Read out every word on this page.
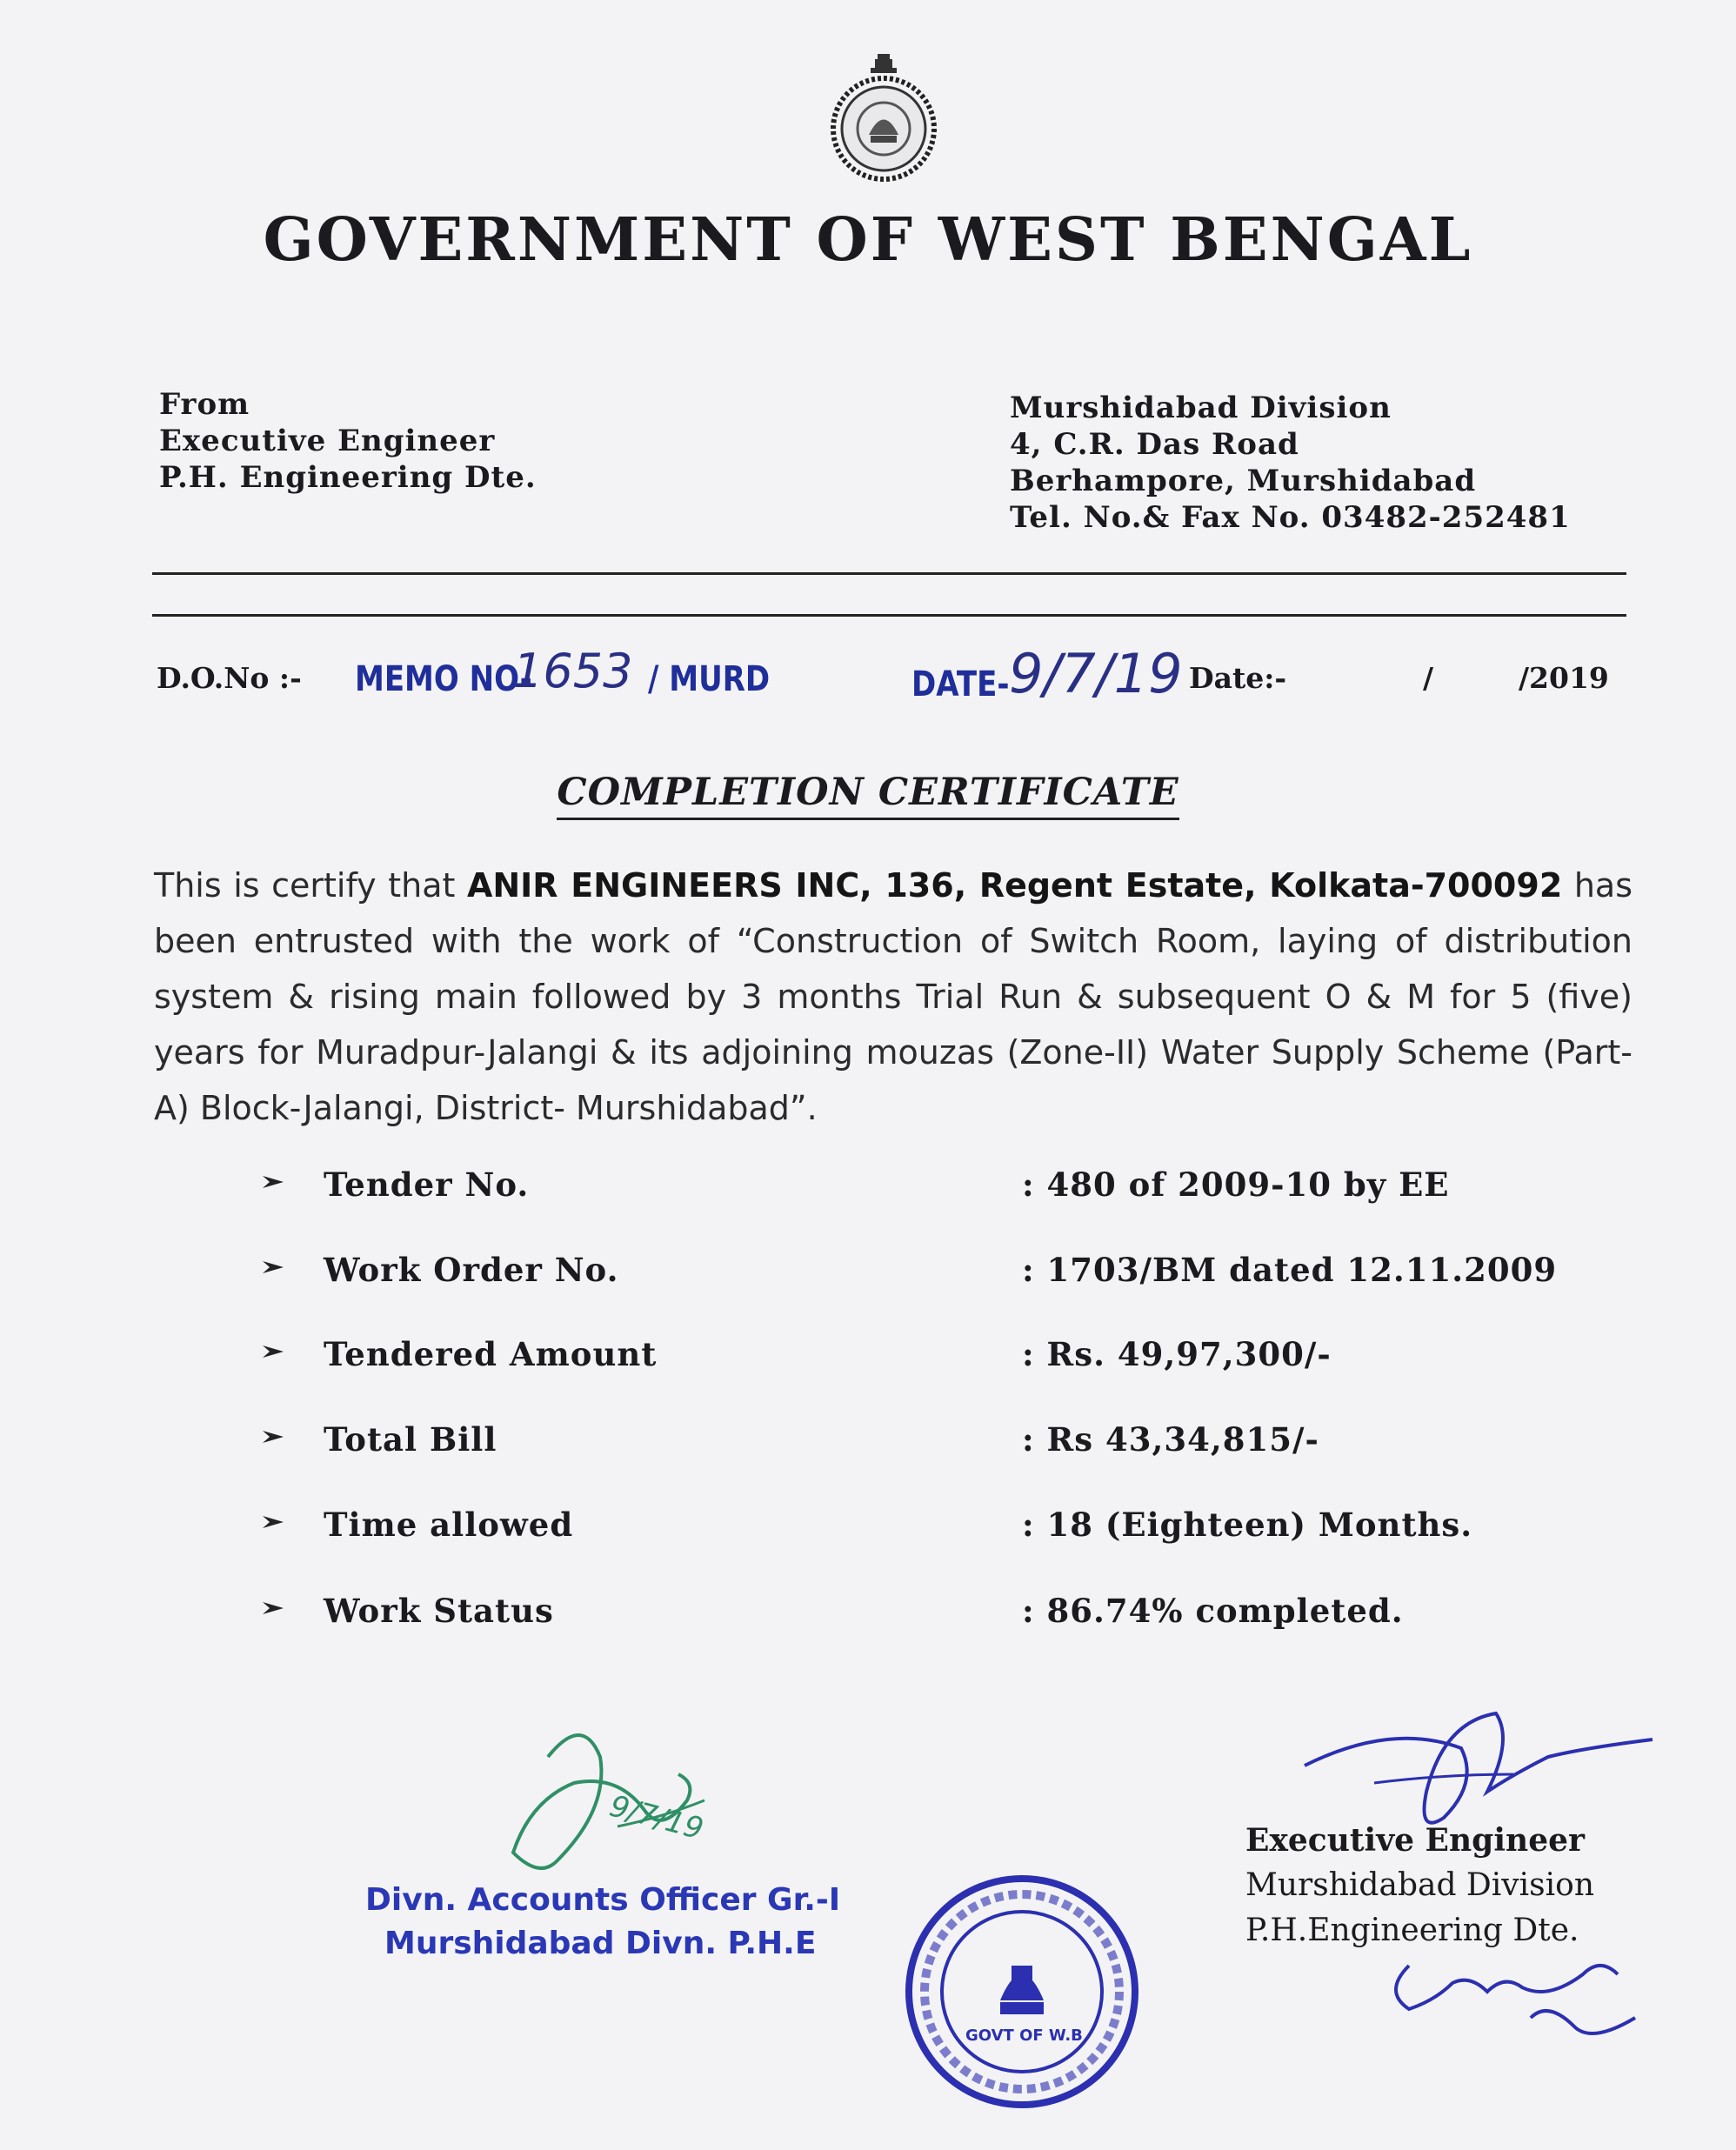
GOVERNMENT OF WEST BENGAL
From
Executive Engineer
P.H. Engineering Dte.
Murshidabad Division
4, C.R. Das Road
Berhampore, Murshidabad
Tel. No.& Fax No. 03482-252481
D.O.No :- MEMO NO-
1653 / MURD	DATE- 9/7/19 Date:-	/	/2019
COMPLETION CERTIFICATE
This is certify that ANIR ENGINEERS INC, 136, Regent Estate, Kolkata-700092 has been entrusted with the work of “Construction of Switch Room, laying of distribution system & rising main followed by 3 months Trial Run & subsequent O & M for 5 (five) years for Muradpur-Jalangi & its adjoining mouzas (Zone-II) Water Supply Scheme (Part-A) Block-Jalangi, District- Murshidabad”.
Tender No.	: 480 of 2009-10 by EE
Work Order No.	: 1703/BM dated 12.11.2009
Tendered Amount	: Rs. 49,97,300/-
Total Bill	: Rs 43,34,815/-
Time allowed	: 18 (Eighteen) Months.
Work Status	: 86.74% completed.
9/7/19
Divn. Accounts Officer Gr.-I
Murshidabad Divn. P.H.E
GOVT OF W.B
Executive Engineer
Murshidabad Division
P.H.Engineering Dte.
